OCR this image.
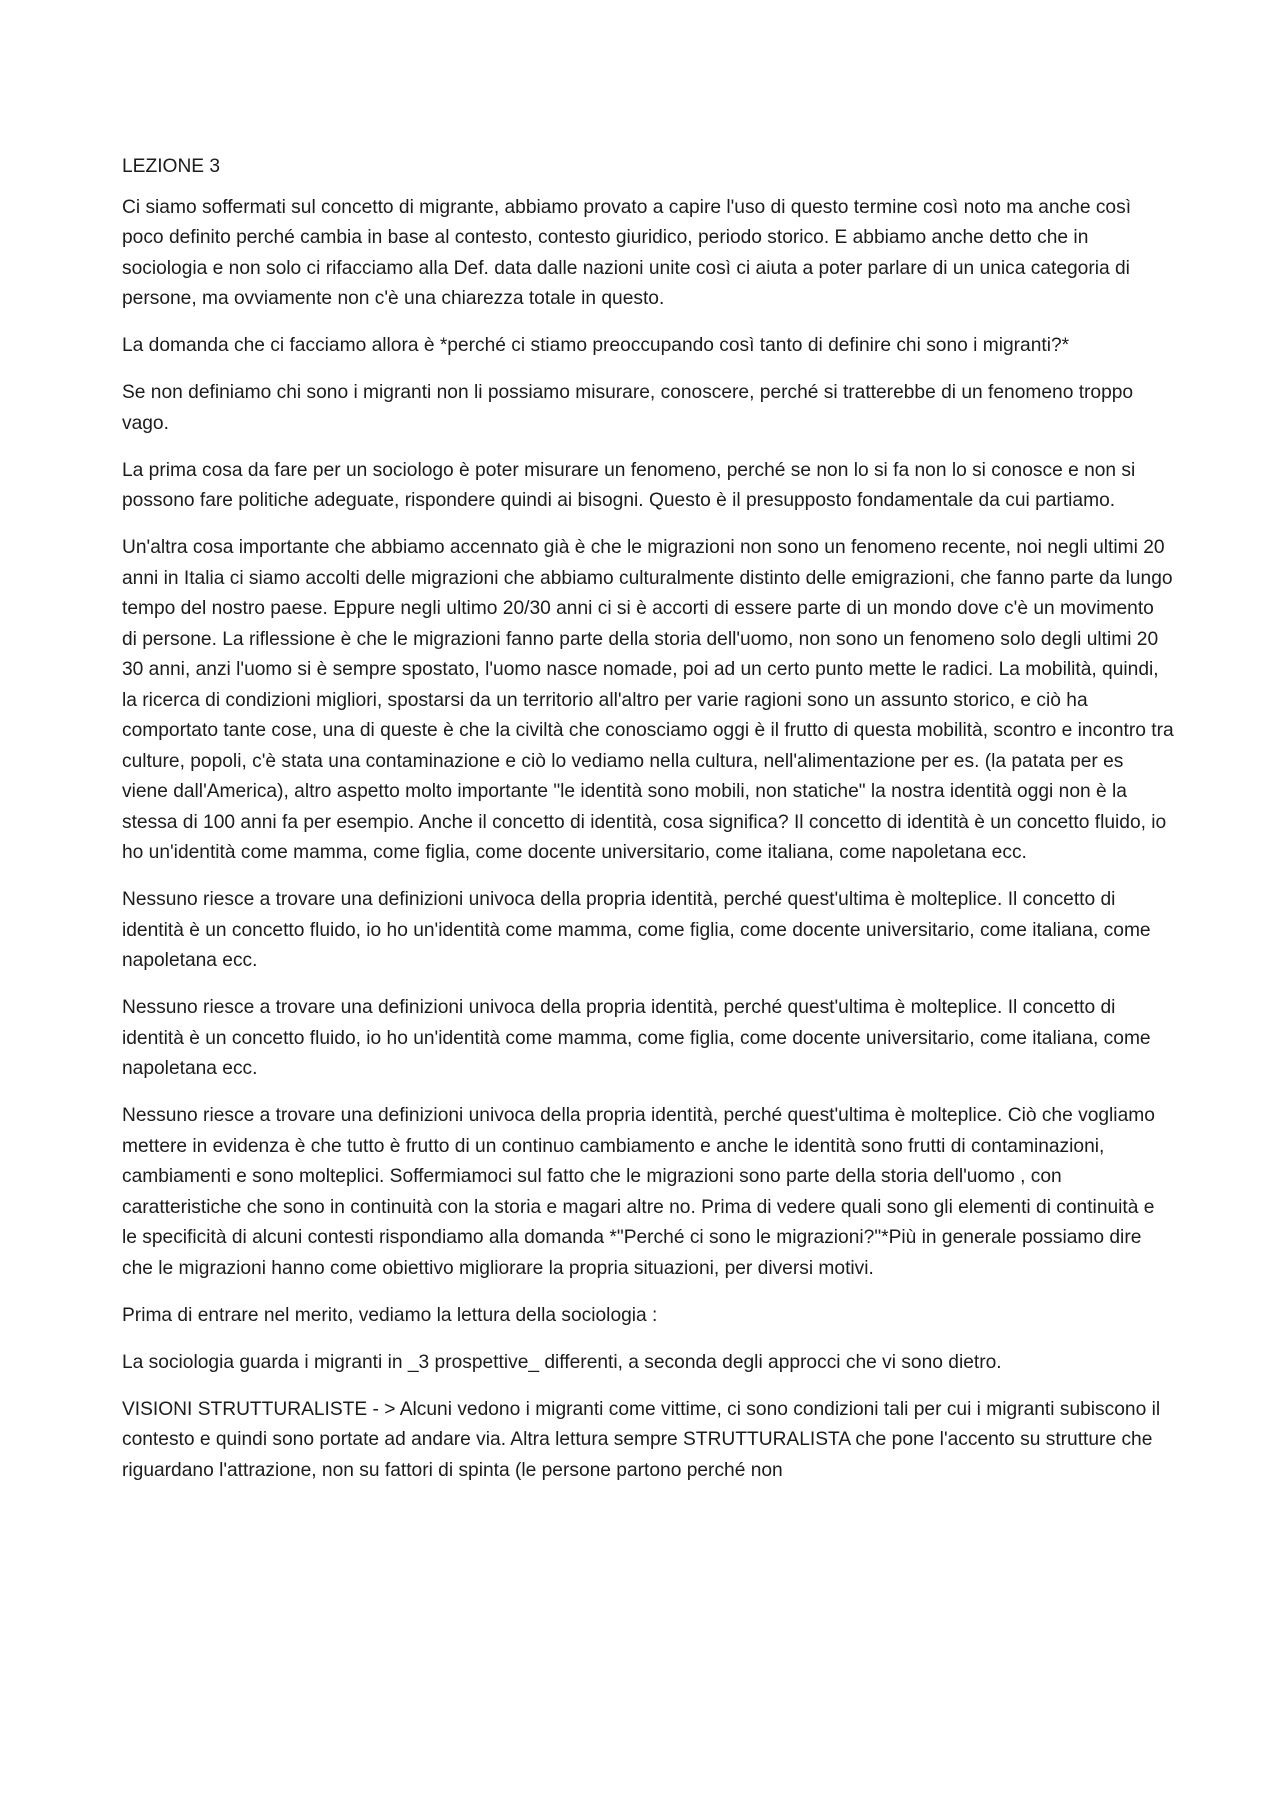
LEZIONE 3

Ci siamo soffermati sul concetto di migrante, abbiamo provato a capire l'uso di questo termine così noto ma anche così poco definito perché cambia in base al contesto, contesto giuridico, periodo storico. E abbiamo anche detto che in sociologia e non solo ci rifacciamo alla Def. data dalle nazioni unite così ci aiuta a poter parlare di un unica categoria di persone, ma ovviamente non c'è una chiarezza totale in questo.

La domanda che ci facciamo allora è *perché ci stiamo preoccupando così tanto di definire chi sono i migranti?*

Se non definiamo chi sono i migranti non li possiamo misurare, conoscere, perché si tratterebbe di un fenomeno troppo vago.

La prima cosa da fare per un sociologo è poter misurare un fenomeno, perché se non lo si fa non lo si conosce e non si possono fare politiche adeguate, rispondere quindi ai bisogni. Questo è il presupposto fondamentale da cui partiamo.

Un'altra cosa importante che abbiamo accennato già è che le migrazioni non sono un fenomeno recente, noi negli ultimi 20 anni in Italia ci siamo accolti delle migrazioni che abbiamo culturalmente distinto delle emigrazioni, che fanno parte da lungo tempo del nostro paese. Eppure negli ultimo 20/30 anni ci si è accorti di essere parte di un mondo dove c'è un movimento di persone. La riflessione è che le migrazioni fanno parte della storia dell'uomo, non sono un fenomeno solo degli ultimi 20 30 anni, anzi l'uomo si è sempre spostato, l'uomo nasce nomade, poi ad un certo punto mette le radici. La mobilità, quindi, la ricerca di condizioni migliori, spostarsi da un territorio all'altro per varie ragioni sono un assunto storico, e ciò ha comportato tante cose, una di queste è che la civiltà che conosciamo oggi è il frutto di questa mobilità, scontro e incontro tra culture, popoli, c'è stata una contaminazione e ciò lo vediamo nella cultura, nell'alimentazione per es. (la patata per es viene dall'America), altro aspetto molto importante "le identità sono mobili, non statiche" la nostra identità oggi non è la stessa di 100 anni fa per esempio. Anche il concetto di identità, cosa significa? Il concetto di identità è un concetto fluido, io ho un'identità come mamma, come figlia, come docente universitario, come italiana, come napoletana ecc.

Nessuno riesce a trovare una definizioni univoca della propria identità, perché quest'ultima è molteplice. Il concetto di identità è un concetto fluido, io ho un'identità come mamma, come figlia, come docente universitario, come italiana, come napoletana ecc.

Nessuno riesce a trovare una definizioni univoca della propria identità, perché quest'ultima è molteplice. Il concetto di identità è un concetto fluido, io ho un'identità come mamma, come figlia, come docente universitario, come italiana, come napoletana ecc.

Nessuno riesce a trovare una definizioni univoca della propria identità, perché quest'ultima è molteplice. Ciò che vogliamo mettere in evidenza è che tutto è frutto di un continuo cambiamento e anche le identità sono frutti di contaminazioni, cambiamenti e sono molteplici. Soffermiamoci sul fatto che le migrazioni sono parte della storia dell'uomo , con caratteristiche che sono in continuità con la storia e magari altre no. Prima di vedere quali sono gli elementi di continuità e le specificità di alcuni contesti rispondiamo alla domanda *"Perché ci sono le migrazioni?"*Più in generale possiamo dire che le migrazioni hanno come obiettivo migliorare la propria situazioni, per diversi motivi.

Prima di entrare nel merito, vediamo la lettura della sociologia :

La sociologia guarda i migranti in _3 prospettive_ differenti, a seconda degli approcci che vi sono dietro.

VISIONI STRUTTURALISTE - > Alcuni vedono i migranti come vittime, ci sono condizioni tali per cui i migranti subiscono il contesto e quindi sono portate ad andare via. Altra lettura sempre STRUTTURALISTA che pone l'accento su strutture che riguardano l'attrazione, non su fattori di spinta (le persone partono perché non
